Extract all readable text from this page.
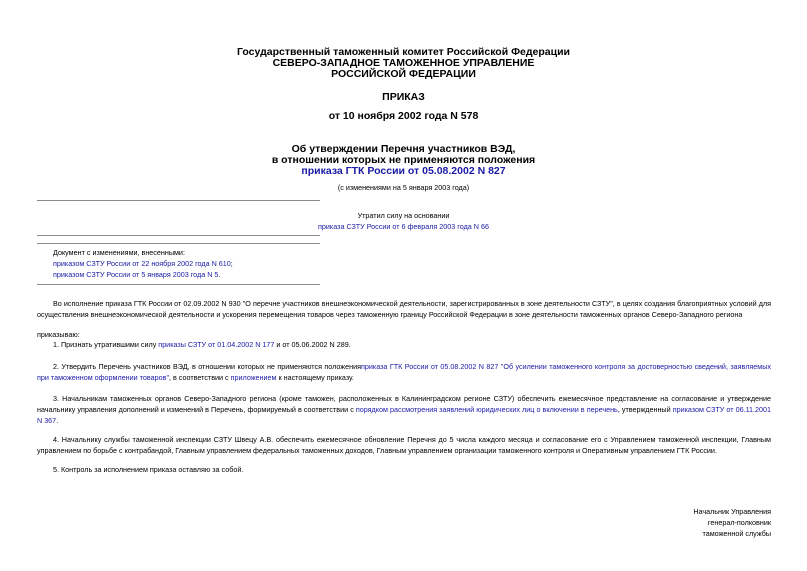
Государственный таможенный комитет Российской Федерации
СЕВЕРО-ЗАПАДНОЕ ТАМОЖЕННОЕ УПРАВЛЕНИЕ
РОССИЙСКОЙ ФЕДЕРАЦИИ
ПРИКАЗ
от 10 ноября 2002 года N 578
Об утверждении Перечня участников ВЭД,
в отношении которых не применяются положения
приказа ГТК России от 05.08.2002 N 827
(с изменениями на 5 января 2003 года)
Утратил силу на основании
приказа СЗТУ России от 6 февраля 2003 года N 66
Документ с изменениями, внесенными:
приказом СЗТУ России от 22 ноября 2002 года N 610;
приказом СЗТУ России от 5 января 2003 года N 5.

Во исполнение приказа ГТК России от 02.09.2002 N 930 "О перечне участников внешнеэкономической деятельности, зарегистрированных в зоне деятельности СЗТУ", в целях создания благоприятных условий для осуществления внешнеэкономической деятельности и ускорения перемещения товаров через таможенную границу Российской Федерации в зоне деятельности таможенных органов Северо-Западного региона

приказываю:

1. Признать утратившими силу приказы СЗТУ от 01.04.2002 N 177 и от 05.06.2002 N 289.

2. Утвердить Перечень участников ВЭД, в отношении которых не применяются положенияприказа ГТК России от 05.08.2002 N 827 "Об усилении таможенного контроля за достоверностью сведений, заявляемых при таможенном оформлении товаров", в соответствии с приложением к настоящему приказу.

3. Начальникам таможенных органов Северо-Западного региона (кроме таможен, расположенных в Калининградском регионе СЗТУ) обеспечить ежемесячное представление на согласование и утверждение начальнику управления дополнений и изменений в Перечень, формируемый в соответствии с порядком рассмотрения заявлений юридических лиц о включении в перечень, утвержденный приказом СЗТУ от 06.11.2001 N 367.

4. Начальнику службы таможенной инспекции СЗТУ Швецу А.В. обеспечить ежемесячное обновление Перечня до 5 числа каждого месяца и согласование его с Управлением таможенной инспекции, Главным управлением по борьбе с контрабандой, Главным управлением федеральных таможенных доходов, Главным управлением организации таможенного контроля и Оперативным управлением ГТК России.

5. Контроль за исполнением приказа оставляю за собой.

Начальник Управления
генерал-полковник
таможенной службы
